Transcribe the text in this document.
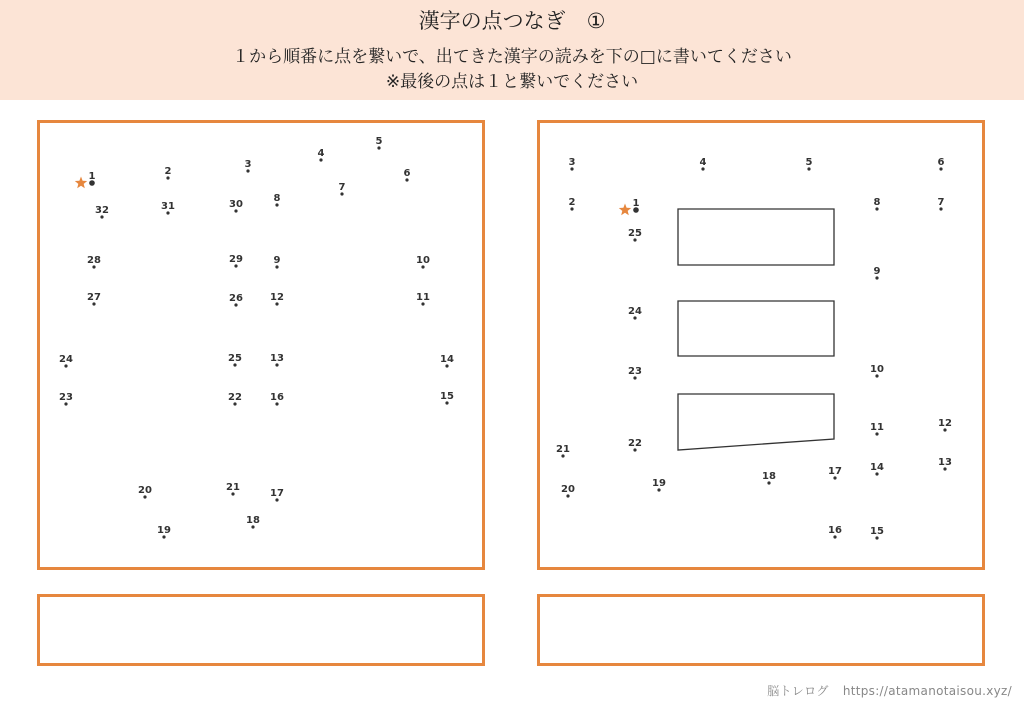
漢字の点つなぎ　①
１から順番に点を繋いで、出てきた漢字の読みを下の□に書いてください
※最後の点は１と繋いでください
1	2
3
4
5
6
7
8
9	10
11
12
13	14
15
16
17
18
19
20	21
22
23
24	25
26
27
28	29
30
31
32
1
2
3	4	5	6
7
8
9
10
11	12
13
14
15
16
17
18
19
20
21
22
23
24
25
脳トレログ https://atamanotaisou.xyz/
